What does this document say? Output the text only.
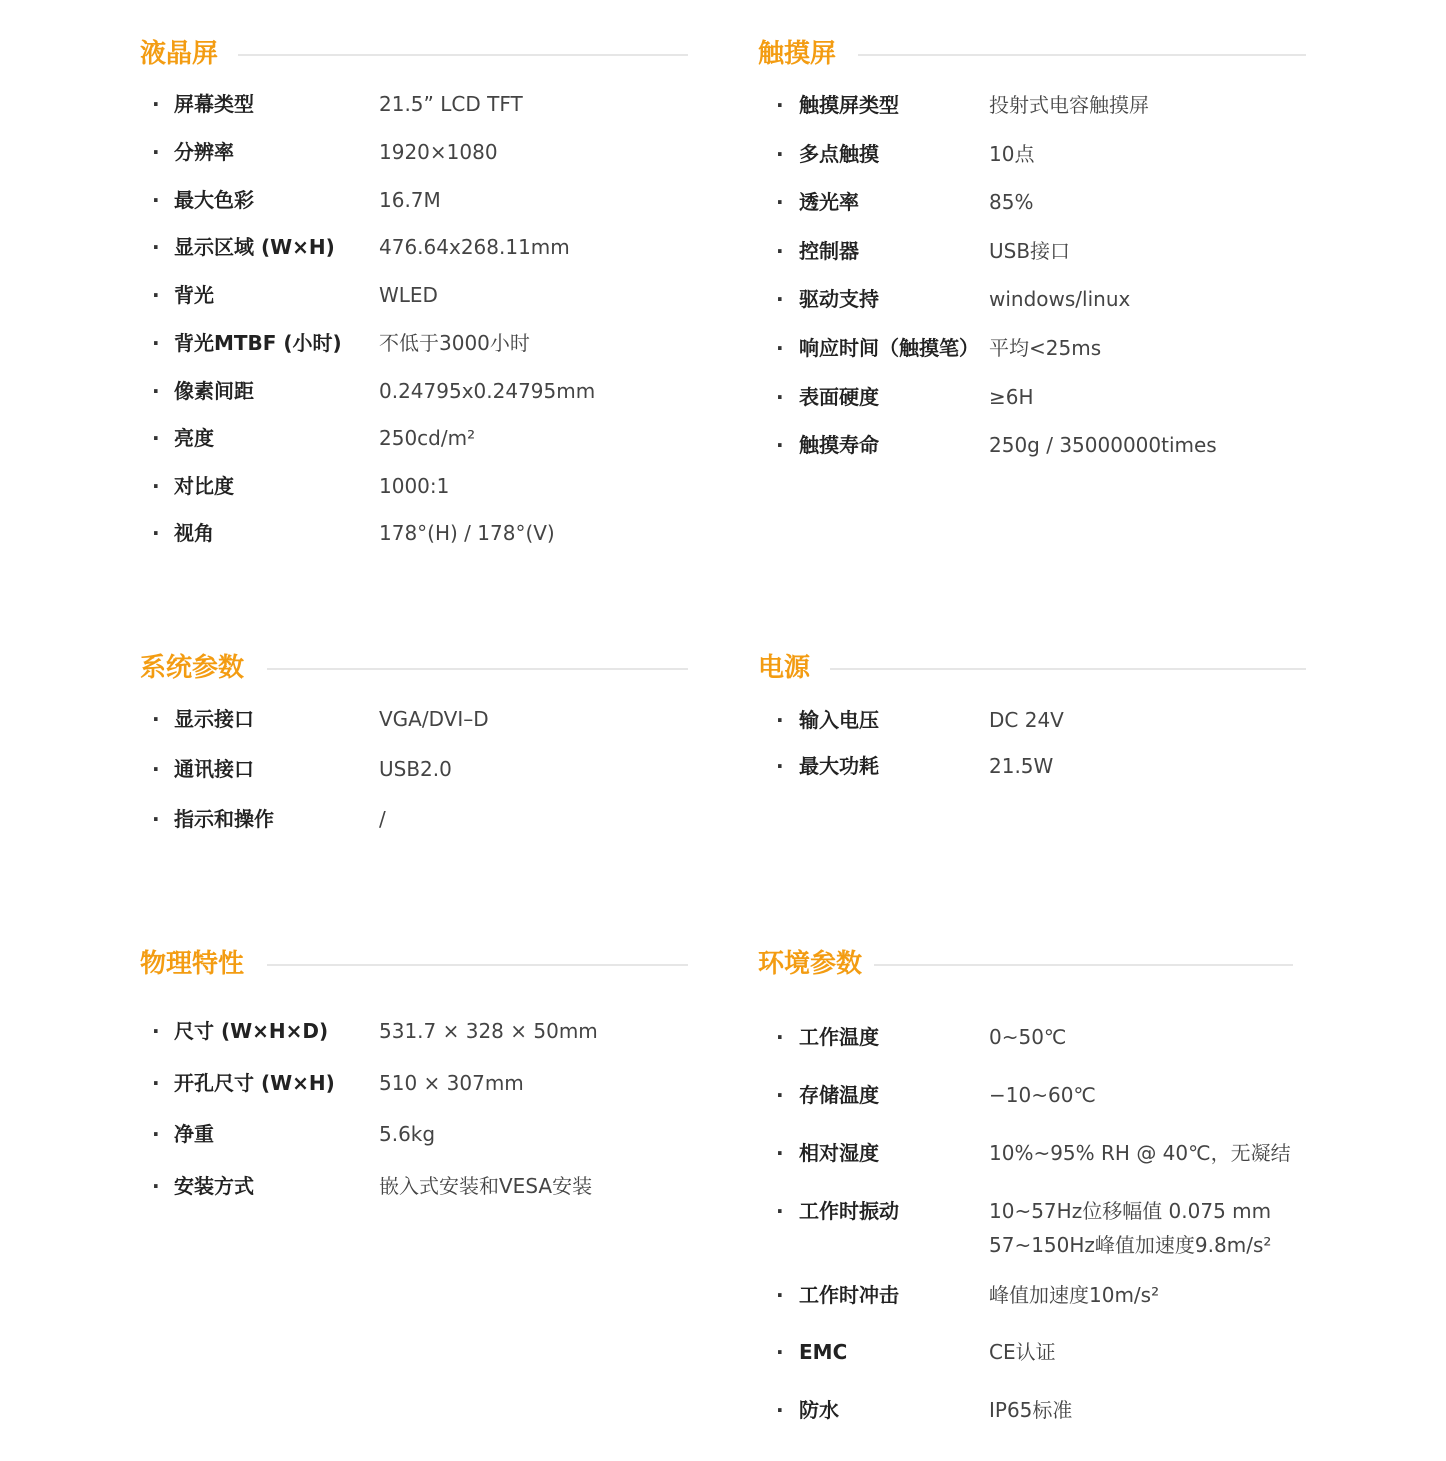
液晶屏
· 屏幕类型	21.5” LCD TFT
· 分辨率	1920×1080
· 最大色彩	16.7M
· 显示区域 (W×H) 476.64x268.11mm
· 背光	WLED
· 背光MTBF (小时) 不低于3000小时
· 像素间距	0.24795x0.24795mm
· 亮度	250cd/m²
· 对比度	1000:1
· 视角	178°(H) / 178°(V)
触摸屏
· 触摸屏类型	投射式电容触摸屏
· 多点触摸	10点
· 透光率	85%
· 控制器	USB接口
· 驱动支持	windows/linux
· 响应时间（触摸笔） 平均<25ms
· 表面硬度	≥6H
· 触摸寿命	250g / 35000000times
系统参数
· 显示接口	VGA/DVI–D
· 通讯接口	USB2.0
· 指示和操作	/
电源
· 输入电压	DC 24V
· 最大功耗	21.5W
物理特性
· 尺寸 (W×H×D)	531.7 × 328 × 50mm
· 开孔尺寸 (W×H) 510 × 307mm
· 净重	5.6kg
· 安装方式	嵌入式安装和VESA安装
环境参数
· 工作温度	0~50℃
· 存储温度	−10~60℃
· 相对湿度	10%~95% RH @ 40℃，无凝结
· 工作时振动	10~57Hz位移幅值 0.075 mm
57~150Hz峰值加速度9.8m/s²
· 工作时冲击	峰值加速度10m/s²
· EMC	CE认证
· 防水	IP65标准
